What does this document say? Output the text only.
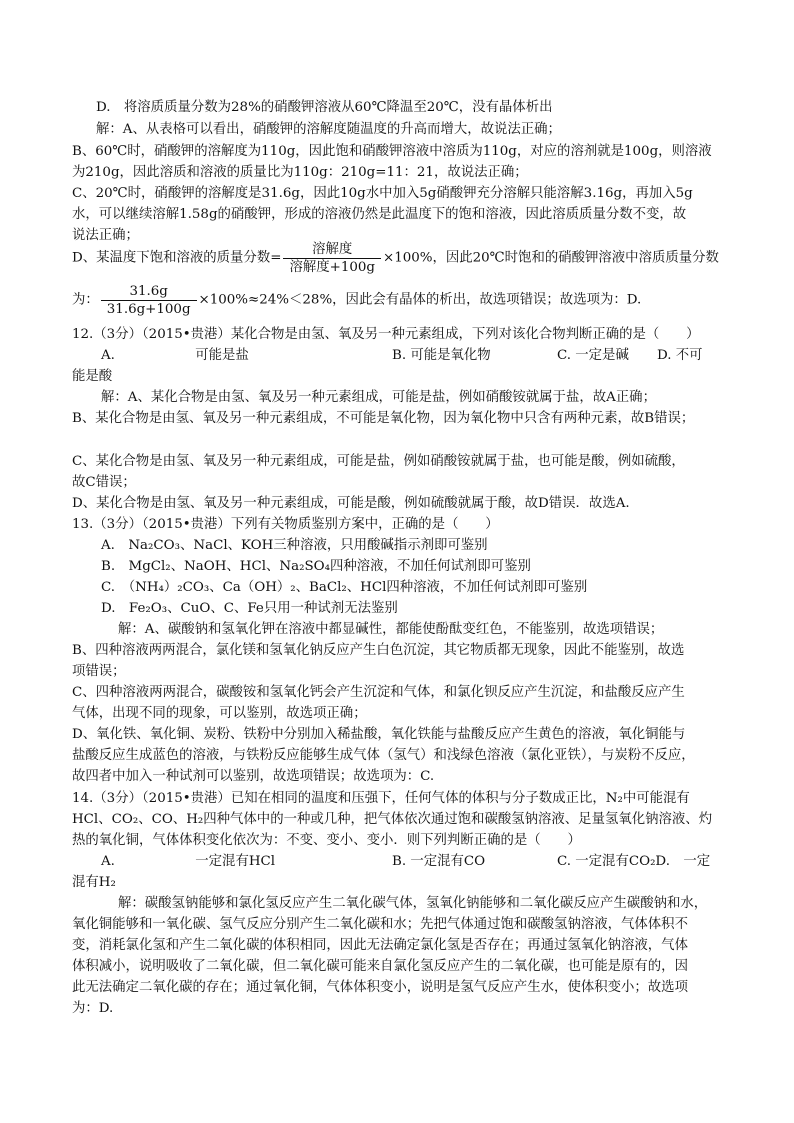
D.　将溶质质量分数为28%的硝酸钾溶液从60℃降温至20℃，没有晶体析出
解：A、从表格可以看出，硝酸钾的溶解度随温度的升高而增大，故说法正确；
B、60℃时，硝酸钾的溶解度为110g，因此饱和硝酸钾溶液中溶质为110g，对应的溶剂就是100g，则溶液
为210g，因此溶质和溶液的质量比为110g：210g=11：21，故说法正确；
C、20℃时，硝酸钾的溶解度是31.6g，因此10g水中加入5g硝酸钾充分溶解只能溶解3.16g，再加入5g
水，可以继续溶解1.58g的硝酸钾，形成的溶液仍然是此温度下的饱和溶液，因此溶质质量分数不变，故
说法正确；
D、某温度下饱和溶液的质量分数= $\frac{\text{溶解度}}{\text{溶解度+100g}} \times 100\%$，因此20℃时饱和的硝酸钾溶液中溶质质量分数
为： $\frac{31.6g}{31.6g+100g} \times 100\%\approx 24\%<28\%$，因此会有晶体的析出，故选项错误；故选项为：D.
12.（3分）（2015•贵港）某化合物是由氢、氧及另一种元素组成，下列对该化合物判断正确的是（　　）
A.　　　　　　可能是盐	B. 可能是氧化物	C. 一定是碱 D. 不可
能是酸
解：A、某化合物是由氢、氧及另一种元素组成，可能是盐，例如硝酸铵就属于盐，故A正确；
B、某化合物是由氢、氧及另一种元素组成，不可能是氧化物，因为氧化物中只含有两种元素，故B错误；
C、某化合物是由氢、氧及另一种元素组成，可能是盐，例如硝酸铵就属于盐，也可能是酸，例如硫酸，
故C错误；
D、某化合物是由氢、氧及另一种元素组成，可能是酸，例如硫酸就属于酸，故D错误．故选A.
13.（3分）（2015•贵港）下列有关物质鉴别方案中，正确的是（　　）
A.　Na₂CO₃、NaCl、KOH三种溶液，只用酸碱指示剂即可鉴别
B.　MgCl₂、NaOH、HCl、Na₂SO₄四种溶液，不加任何试剂即可鉴别
C.　（NH₄）₂CO₃、Ca（OH）₂、BaCl₂、HCl四种溶液，不加任何试剂即可鉴别
D.　Fe₂O₃、CuO、C、Fe只用一种试剂无法鉴别
解：A、碳酸钠和氢氧化钾在溶液中都显碱性，都能使酚酞变红色，不能鉴别，故选项错误；
B、四种溶液两两混合，氯化镁和氢氧化钠反应产生白色沉淀，其它物质都无现象，因此不能鉴别，故选
项错误；
C、四种溶液两两混合，碳酸铵和氢氧化钙会产生沉淀和气体，和氯化钡反应产生沉淀，和盐酸反应产生
气体，出现不同的现象，可以鉴别，故选项正确；
D、氧化铁、氧化铜、炭粉、铁粉中分别加入稀盐酸，氧化铁能与盐酸反应产生黄色的溶液，氧化铜能与
盐酸反应生成蓝色的溶液，与铁粉反应能够生成气体（氢气）和浅绿色溶液（氯化亚铁），与炭粉不反应，
故四者中加入一种试剂可以鉴别，故选项错误；故选项为：C.
14.（3分）（2015•贵港）已知在相同的温度和压强下，任何气体的体积与分子数成正比，N₂中可能混有
HCl、CO₂、CO、H₂四种气体中的一种或几种，把气体依次通过饱和碳酸氢钠溶液、足量氢氧化钠溶液、灼
热的氧化铜，气体体积变化依次为：不变、变小、变小．则下列判断正确的是（　　）
A.　　　　　　一定混有HCl	B. 一定混有CO	C. 一定混有CO₂D.　一定
混有H₂
解：碳酸氢钠能够和氯化氢反应产生二氧化碳气体，氢氧化钠能够和二氧化碳反应产生碳酸钠和水，
氧化铜能够和一氧化碳、氢气反应分别产生二氧化碳和水；先把气体通过饱和碳酸氢钠溶液，气体体积不
变，消耗氯化氢和产生二氧化碳的体积相同，因此无法确定氯化氢是否存在；再通过氢氧化钠溶液，气体
体积减小，说明吸收了二氧化碳，但二氧化碳可能来自氯化氢反应产生的二氧化碳，也可能是原有的，因
此无法确定二氧化碳的存在；通过氧化铜，气体体积变小，说明是氢气反应产生水，使体积变小；故选项
为：D.
